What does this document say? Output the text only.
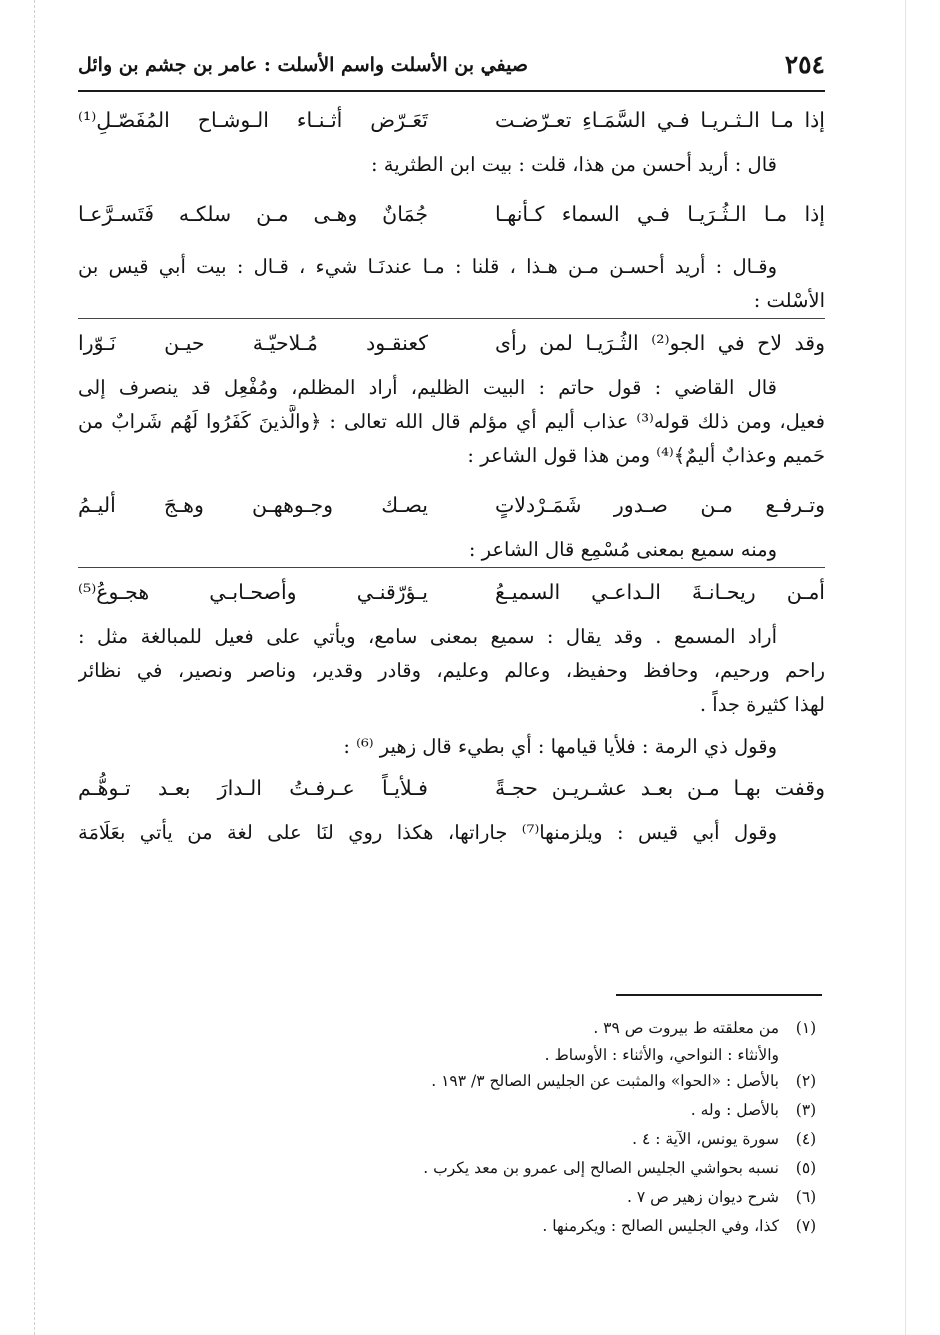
٢٥٤
صيفي بن الأسلت واسم الأسلت : عامر بن جشم بن وائل
إذا مـا الـثـريـا فـي السَّمَـاءِ تعـرّضـت
تَعَـرّض أثـنـاء الـوشـاح المُفَصّـلِ⁽¹⁾
قال : أريد أحسن من هذا، قلت : بيت ابن الطثرية :
إذا مـا الـثُـرَيـا فـي السماء كـأنهـا
جُمَانٌ وهـى مـن سلكـه فَتَسـرَّعـا
وقـال : أريد أحسـن مـن هـذا ، قلنا : مـا عندنَـا شيء ، قـال : بيت أبي قيس بن
الأسْلت :
وقد لاح في الجو⁽²⁾ الثُـرَيـا لمن رأى
كعنقـود مُـلاحيّـة حيـن نَـوّرا
قال القاضي : قول حاتم : البيت الظليم، أراد المظلم، ومُفْعِل قد ينصرف إلى
فعيل، ومن ذلك قوله⁽³⁾ عذاب أليم أي مؤلم قال الله تعالى : ﴿والَّذينَ كَفَرُوا لَهُم شَرابٌ من
حَميم وعذابٌ أليمٌ﴾⁽⁴⁾ ومن هذا قول الشاعر :
وتـرفـع مـن صـدور شَمَـرْدلاتٍ
يصـك وجـوههـن وهـجَ أليـمُ
ومنه سميع بمعنى مُسْمِع قال الشاعر :
أمـن ريحـانـةَ الـداعـي السميـعُ
يـؤرّقنـي وأصحـابـي هجـوعُ⁽⁵⁾
أراد المسمع . وقد يقال : سميع بمعنى سامع، ويأتي على فعيل للمبالغة مثل :
راحم ورحيم، وحافظ وحفيظ، وعالم وعليم، وقادر وقدير، وناصر ونصير، في نظائر
لهذا كثيرة جداً .
وقول ذي الرمة : فلأيا قيامها : أي بطيء قال زهير ⁽⁶⁾ :
وقفت بهـا مـن بعـد عشـريـن حجـةً
فـلأيـاً عـرفـتُ الـدارَ بعـد تـوهُّـم
وقول أبي قيس : ويلزمنها⁽⁷⁾ جاراتها، هكذا روي لنَا على لغة من يأتي بعَلَامَة
(١)
من معلقته ط بيروت ص ٣٩ .
والأنثاء : النواحي، والأثناء : الأوساط .
(٢)
بالأصل : «الحوا» والمثبت عن الجليس الصالح ٣/ ١٩٣ .
(٣)
بالأصل : وله .
(٤)
سورة يونس، الآية : ٤ .
(٥)
نسبه بحواشي الجليس الصالح إلى عمرو بن معد يكرب .
(٦)
شرح ديوان زهير ص ٧ .
(٧)
كذا، وفي الجليس الصالح : ويكرمنها .
